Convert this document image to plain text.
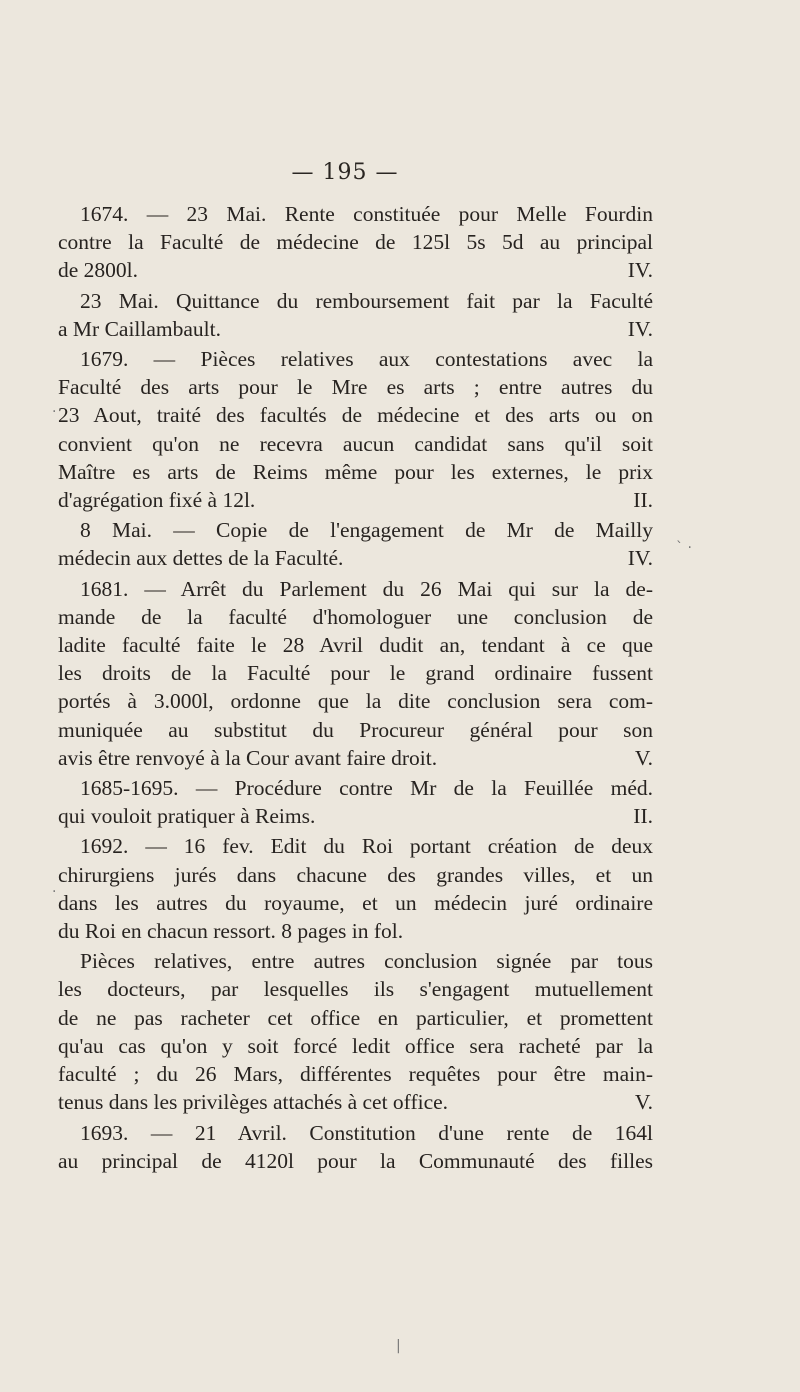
— 195 —
1674. — 23 Mai. Rente constituée pour Melle Fourdin
contre la Faculté de médecine de 125l 5s 5d au principal
de 2800l.	IV.
23 Mai. Quittance du remboursement fait par la Faculté
a Mr Caillambault.	IV.
1679. — Pièces relatives aux contestations avec la
Faculté des arts pour le Mre es arts ; entre autres du
23 Aout, traité des facultés de médecine et des arts ou on
convient qu'on ne recevra aucun candidat sans qu'il soit
Maître es arts de Reims même pour les externes, le prix
d'agrégation fixé à 12l.	II.
8 Mai. — Copie de l'engagement de Mr de Mailly
médecin aux dettes de la Faculté.	IV.
1681. — Arrêt du Parlement du 26 Mai qui sur la de-
mande de la faculté d'homologuer une conclusion de
ladite faculté faite le 28 Avril dudit an, tendant à ce que
les droits de la Faculté pour le grand ordinaire fussent
portés à 3.000l, ordonne que la dite conclusion sera com-
muniquée au substitut du Procureur général pour son
avis être renvoyé à la Cour avant faire droit.	V.
1685-1695. — Procédure contre Mr de la Feuillée méd.
qui vouloit pratiquer à Reims.	II.
1692. — 16 fev. Edit du Roi portant création de deux
chirurgiens jurés dans chacune des grandes villes, et un
dans les autres du royaume, et un médecin juré ordinaire
du Roi en chacun ressort. 8 pages in fol.
Pièces relatives, entre autres conclusion signée par tous
les docteurs, par lesquelles ils s'engagent mutuellement
de ne pas racheter cet office en particulier, et promettent
qu'au cas qu'on y soit forcé ledit office sera racheté par la
faculté ; du 26 Mars, différentes requêtes pour être main-
tenus dans les privilèges attachés à cet office.	V.
1693. — 21 Avril. Constitution d'une rente de 164l
au principal de 4120l pour la Communauté des filles
.
` ·
.
|
